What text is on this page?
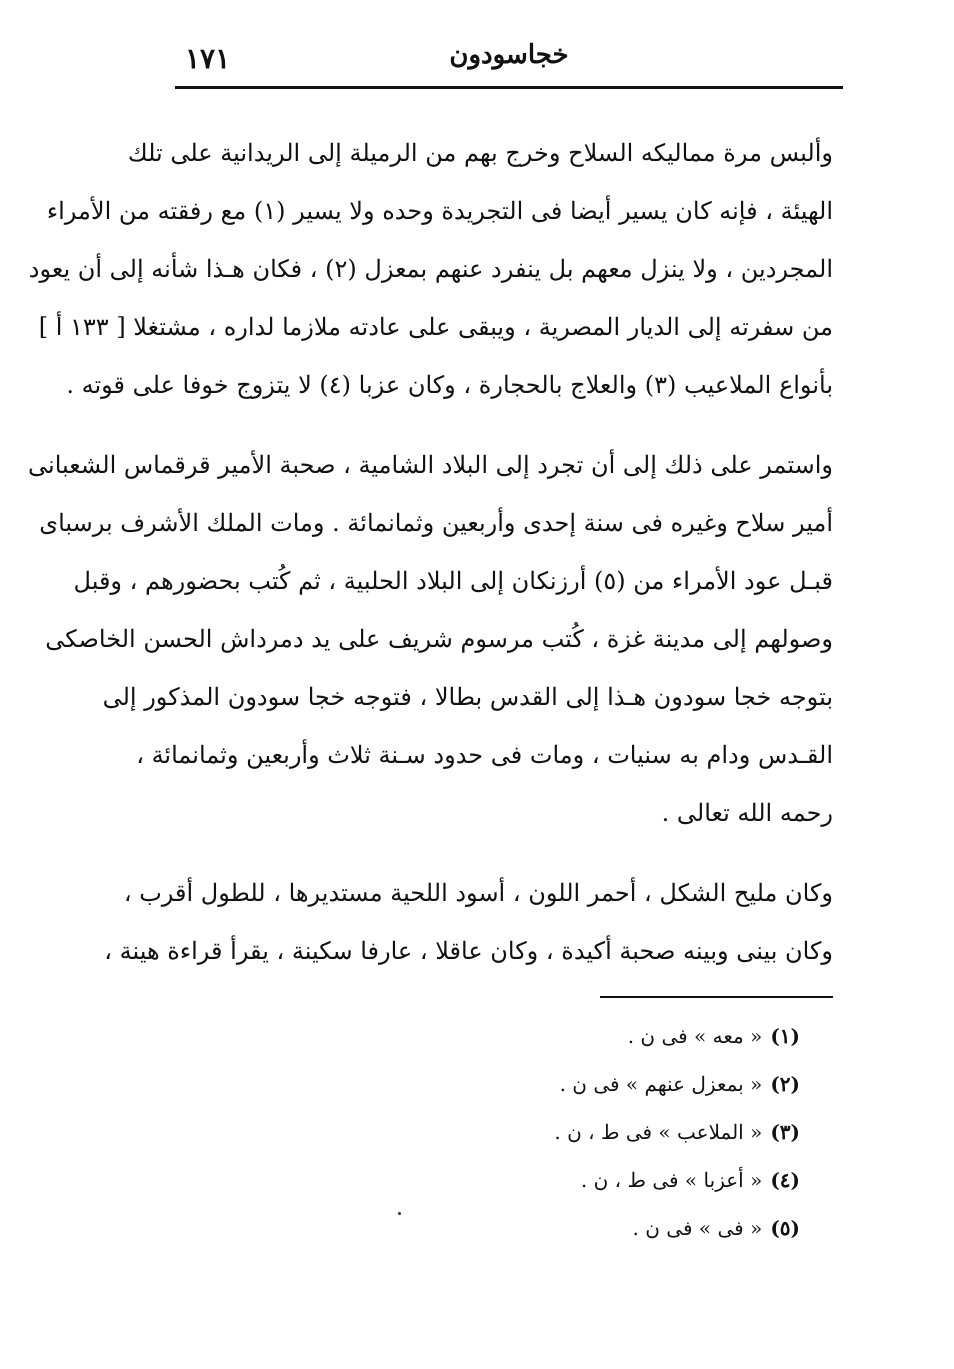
١٧١	خجاسودون
وألبس مرة مماليكه السلاح وخرج بهم من الرميلة إلى الريدانية على تلك
الهيئة ، فإنه كان يسير أيضا فى التجريدة وحده ولا يسير (١) مع رفقته من الأمراء
المجردين ، ولا ينزل معهم بل ينفرد عنهم بمعزل (٢) ، فكان هـذا شأنه إلى أن يعود
من سفرته إلى الديار المصرية ، ويبقى على عادته ملازما لداره ، مشتغلا [ ١٣٣ أ ]
بأنواع الملاعيب (٣) والعلاج بالحجارة ، وكان عزبا (٤) لا يتزوج خوفا على قوته .
واستمر على ذلك إلى أن تجرد إلى البلاد الشامية ، صحبة الأمير قرقماس الشعبانى
أمير سلاح وغيره فى سنة إحدى وأربعين وثمانمائة . ومات الملك الأشرف برسباى
قبـل عود الأمراء من (٥) أرزنكان إلى البلاد الحلبية ، ثم كُتب بحضورهم ، وقبل
وصولهم إلى مدينة غزة ، كُتب مرسوم شريف على يد دمرداش الحسن الخاصكى
بتوجه خجا سودون هـذا إلى القدس بطالا ، فتوجه خجا سودون المذكور إلى
القـدس ودام به سنيات ، ومات فى حدود سـنة ثلاث وأربعين وثمانمائة ،
رحمه الله تعالى .
وكان مليح الشكل ، أحمر اللون ، أسود اللحية مستديرها ، للطول أقرب ،
وكان بينى وبينه صحبة أكيدة ، وكان عاقلا ، عارفا سكينة ، يقرأ قراءة هينة ،
(١)« معه » فى ن .
(٢)« بمعزل عنهم » فى ن .
(٣)« الملاعب » فى ط ، ن .
(٤)« أعزبا » فى ط ، ن .
(٥)« فى » فى ن .
